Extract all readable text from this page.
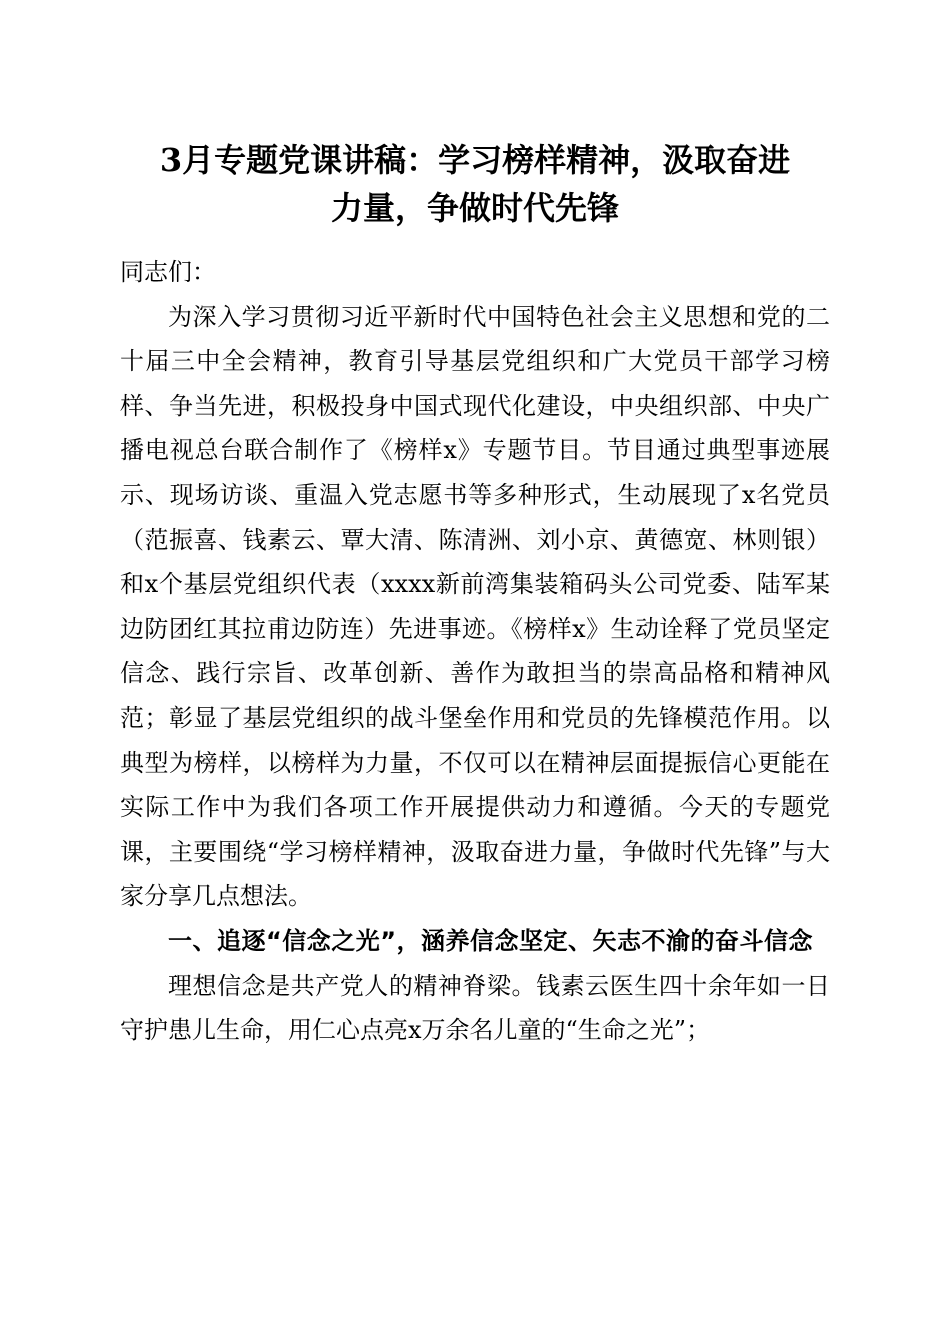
3月专题党课讲稿：学习榜样精神，汲取奋进
力量，争做时代先锋

同志们：

为深入学习贯彻习近平新时代中国特色社会主义思想和党的二十届三中全会精神，教育引导基层党组织和广大党员干部学习榜样、争当先进，积极投身中国式现代化建设，中央组织部、中央广播电视总台联合制作了《榜样x》专题节目。节目通过典型事迹展示、现场访谈、重温入党志愿书等多种形式，生动展现了x名党员（范振喜、钱素云、覃大清、陈清洲、刘小京、黄德宽、林则银）和x个基层党组织代表（xxxx新前湾集装箱码头公司党委、陆军某边防团红其拉甫边防连）先进事迹。《榜样x》生动诠释了党员坚定信念、践行宗旨、改革创新、善作为敢担当的崇高品格和精神风范；彰显了基层党组织的战斗堡垒作用和党员的先锋模范作用。以典型为榜样，以榜样为力量，不仅可以在精神层面提振信心更能在实际工作中为我们各项工作开展提供动力和遵循。今天的专题党课，主要围绕“学习榜样精神，汲取奋进力量，争做时代先锋”与大家分享几点想法。

一、追逐“信念之光”，涵养信念坚定、矢志不渝的奋斗信念

理想信念是共产党人的精神脊梁。钱素云医生四十余年如一日守护患儿生命，用仁心点亮x万余名儿童的“生命之光”；
